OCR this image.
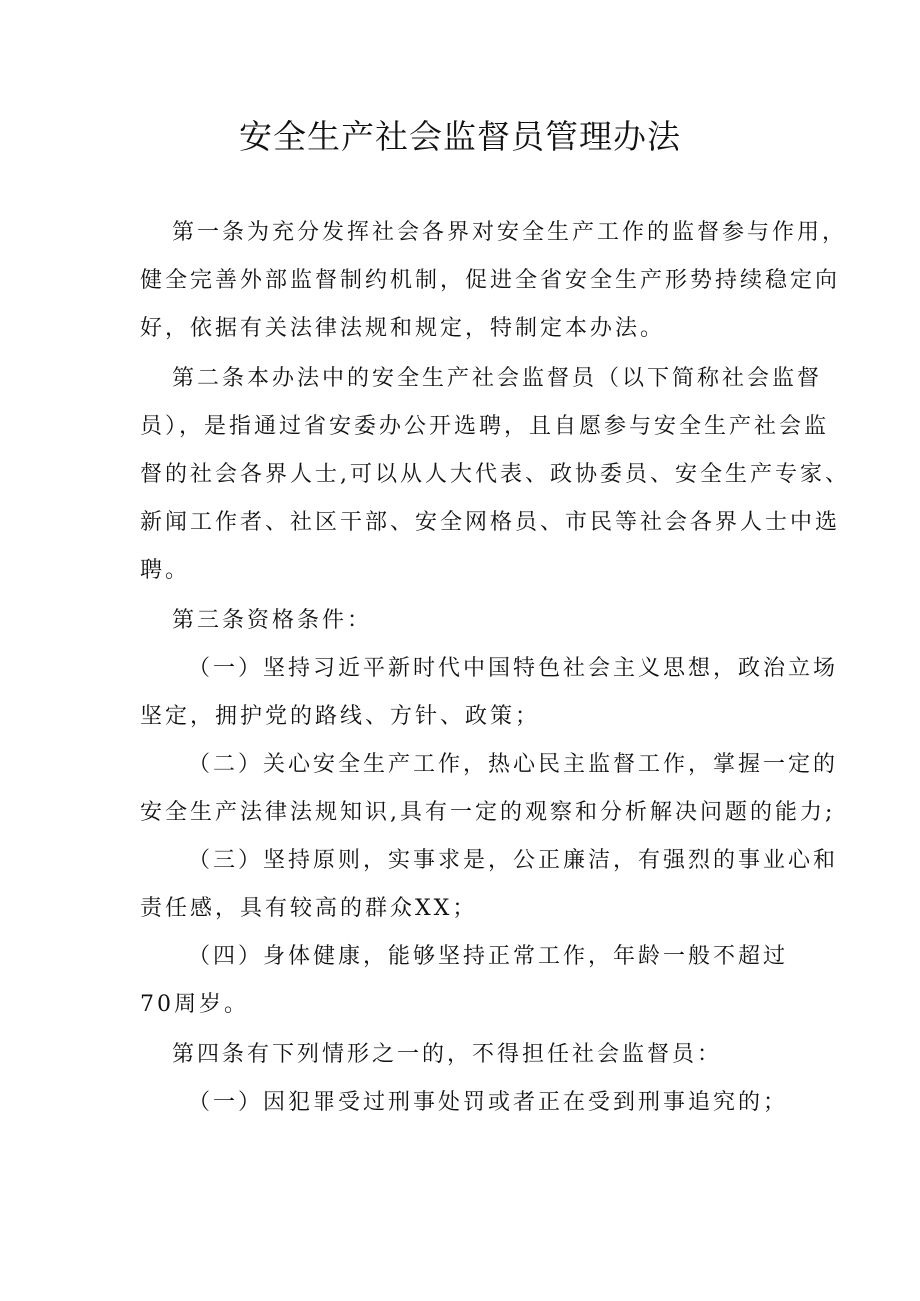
安全生产社会监督员管理办法
第一条为充分发挥社会各界对安全生产工作的监督参与作用，
健全完善外部监督制约机制，促进全省安全生产形势持续稳定向
好，依据有关法律法规和规定，特制定本办法。
第二条本办法中的安全生产社会监督员（以下简称社会监督
员），是指通过省安委办公开选聘，且自愿参与安全生产社会监
督的社会各界人士,可以从人大代表、政协委员、安全生产专家、
新闻工作者、社区干部、安全网格员、市民等社会各界人士中选
聘。
第三条资格条件：
（一）坚持习近平新时代中国特色社会主义思想，政治立场
坚定，拥护党的路线、方针、政策；
（二）关心安全生产工作，热心民主监督工作，掌握一定的
安全生产法律法规知识,具有一定的观察和分析解决问题的能力;
（三）坚持原则，实事求是，公正廉洁，有强烈的事业心和
责任感，具有较高的群众XX；
（四）身体健康，能够坚持正常工作，年龄一般不超过
70周岁。
第四条有下列情形之一的，不得担任社会监督员：
（一）因犯罪受过刑事处罚或者正在受到刑事追究的；
